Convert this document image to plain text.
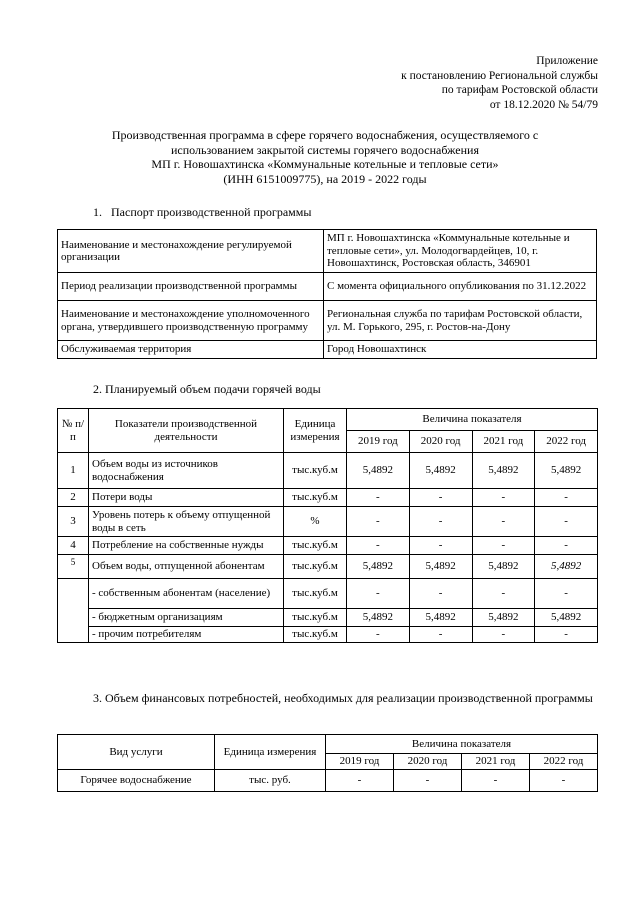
Приложение
к постановлению Региональной службы
по тарифам Ростовской области
от 18.12.2020 № 54/79
Производственная программа в сфере горячего водоснабжения, осуществляемого с
использованием закрытой системы горячего водоснабжения
МП г. Новошахтинска «Коммунальные котельные и тепловые сети»
(ИНН 6151009775), на 2019 - 2022 годы
1. Паспорт производственной программы
Наименование и местонахождение регулируемой организации	МП г. Новошахтинска «Коммунальные котельные и тепловые сети», ул. Молодогвардейцев, 10, г. Новошахтинск, Ростовская область, 346901
Период реализации производственной программы	С момента официального опубликования по 31.12.2022
Наименование и местонахождение уполномоченного органа, утвердившего производственную программу	Региональная служба по тарифам Ростовской области, ул. М. Горького, 295, г. Ростов-на-Дону
Обслуживаемая территория	Город Новошахтинск
2. Планируемый объем подачи горячей воды
№ п/п	Показатели производственной деятельности	Единица измерения	Величина показателя			
			2019 год	2020 год	2021 год	2022 год
1	Объем воды из источников водоснабжения	тыс.куб.м	5,4892	5,4892	5,4892	5,4892
2	Потери воды	тыс.куб.м	-	-	-	-
3	Уровень потерь к объему отпущенной воды в сеть	%	-	-	-	-
4	Потребление на собственные нужды	тыс.куб.м	-	-	-	-
5	Объем воды, отпущенной абонентам	тыс.куб.м	5,4892	5,4892	5,4892	5,4892
	- собственным абонентам (население)	тыс.куб.м	-	-	-	-
	- бюджетным организациям	тыс.куб.м	5,4892	5,4892	5,4892	5,4892
	- прочим потребителям	тыс.куб.м	-	-	-	-
3. Объем финансовых потребностей, необходимых для реализации производственной программы
Вид услуги	Единица измерения	Величина показателя			
		2019 год	2020 год	2021 год	2022 год
Горячее водоснабжение	тыс. руб.	-	-	-	-
